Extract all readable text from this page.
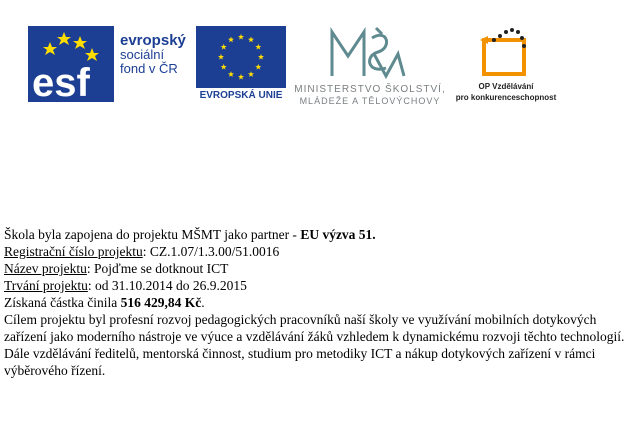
esf
evropský
sociální
fond v ČR
EVROPSKÁ UNIE
MINISTERSTVO ŠKOLSTVÍ,
MLÁDEŽE A TĚLOVÝCHOVY
OP Vzdělávání
pro konkurenceschopnost
Škola byla zapojena do projektu MŠMT jako partner - EU výzva 51.
Registrační číslo projektu: CZ.1.07/1.3.00/51.0016
Název projektu: Pojďme se dotknout ICT
Trvání projektu: od 31.10.2014 do 26.9.2015
Získaná částka činila 516 429,84 Kč.
Cílem projektu byl profesní rozvoj pedagogických pracovníků naší školy ve využívání mobilních dotykových zařízení jako moderního nástroje ve výuce a vzdělávání žáků vzhledem k dynamickému rozvoji těchto technologií. Dále vzdělávání ředitelů, mentorská činnost, studium pro metodiky ICT a nákup dotykových zařízení v rámci výběrového řízení.
